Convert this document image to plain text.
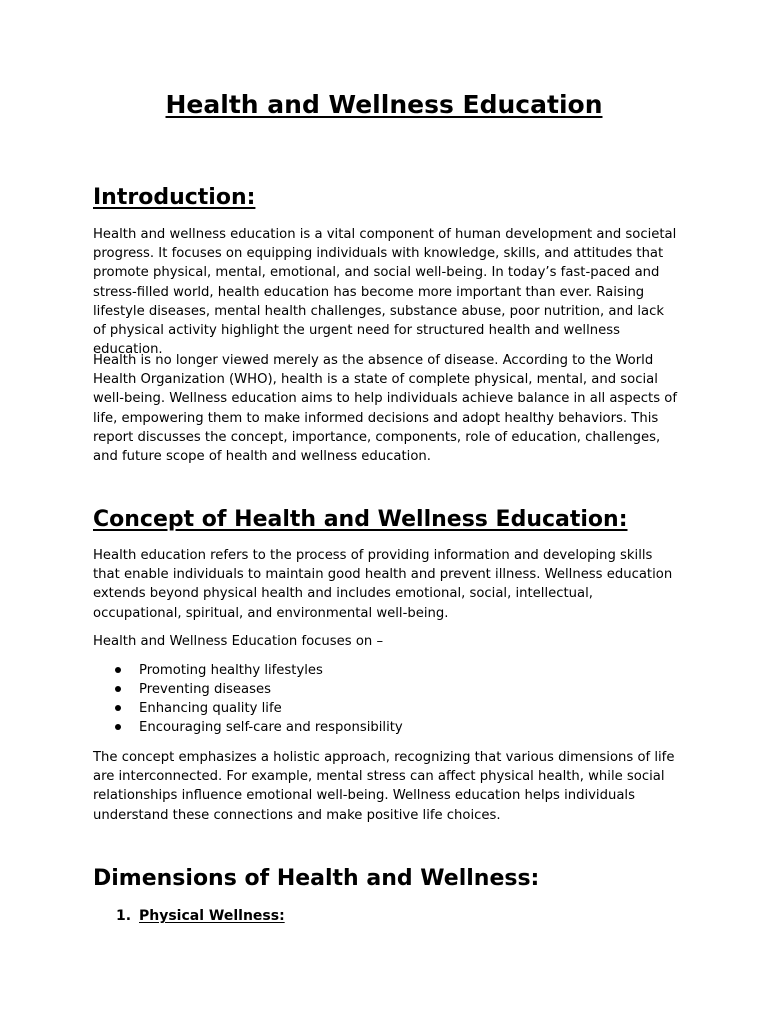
Health and Wellness Education
Introduction:

Health and wellness education is a vital component of human development and societal progress. It focuses on equipping individuals with knowledge, skills, and attitudes that promote physical, mental, emotional, and social well-being. In today’s fast-paced and stress-filled world, health education has become more important than ever. Raising lifestyle diseases, mental health challenges, substance abuse, poor nutrition, and lack of physical activity highlight the urgent need for structured health and wellness education.

Health is no longer viewed merely as the absence of disease. According to the World Health Organization (WHO), health is a state of complete physical, mental, and social well-being. Wellness education aims to help individuals achieve balance in all aspects of life, empowering them to make informed decisions and adopt healthy behaviors. This report discusses the concept, importance, components, role of education, challenges, and future scope of health and wellness education.

Concept of Health and Wellness Education:

Health education refers to the process of providing information and developing skills that enable individuals to maintain good health and prevent illness. Wellness education extends beyond physical health and includes emotional, social, intellectual, occupational, spiritual, and environmental well-being.

Health and Wellness Education focuses on –

Promoting healthy lifestyles
Preventing diseases
Enhancing quality life
Encouraging self-care and responsibility

The concept emphasizes a holistic approach, recognizing that various dimensions of life are interconnected. For example, mental stress can affect physical health, while social relationships influence emotional well-being. Wellness education helps individuals understand these connections and make positive life choices.

Dimensions of Health and Wellness:
1. Physical Wellness:
